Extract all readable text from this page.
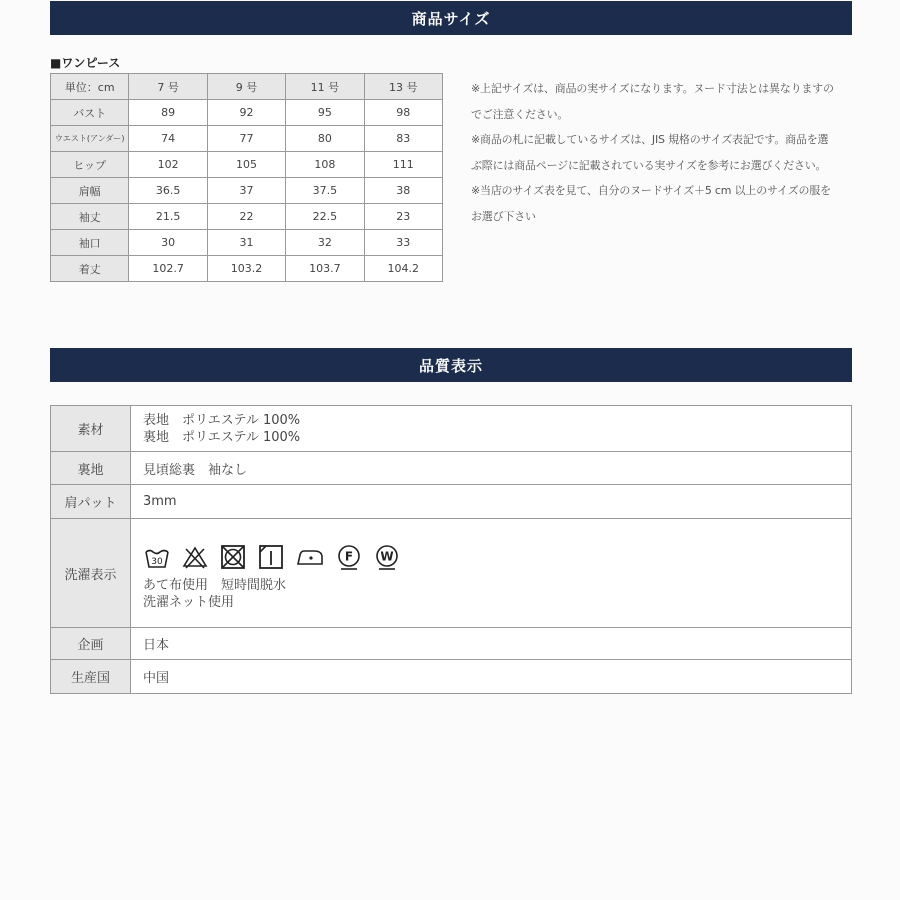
商品サイズ
■ワンピース
単位：cm	7 号	9 号	11 号	13 号
バスト	89	92	95	98
ウエスト(アンダー)	74	77	80	83
ヒップ	102	105	108	111
肩幅	36.5	37	37.5	38
袖丈	21.5	22	22.5	23
袖口	30	31	32	33
着丈	102.7	103.2	103.7	104.2
※上記サイズは、商品の実サイズになります。ヌード寸法とは異なりますの
でご注意ください。
※商品の札に記載しているサイズは、JIS 規格のサイズ表記です。商品を選
ぶ際には商品ページに記載されている実サイズを参考にお選びください。
※当店のサイズ表を見て、自分のヌードサイズ＋5 cm 以上のサイズの服を
お選び下さい
品質表示
素材	表地　ポリエステル 100%
裏地　ポリエステル 100%

裏地	見頃総裏　袖なし
肩パット	3mm
洗濯表示	30 F W
あて布使用　短時間脱水
洗濯ネット使用

企画	日本
生産国	中国
